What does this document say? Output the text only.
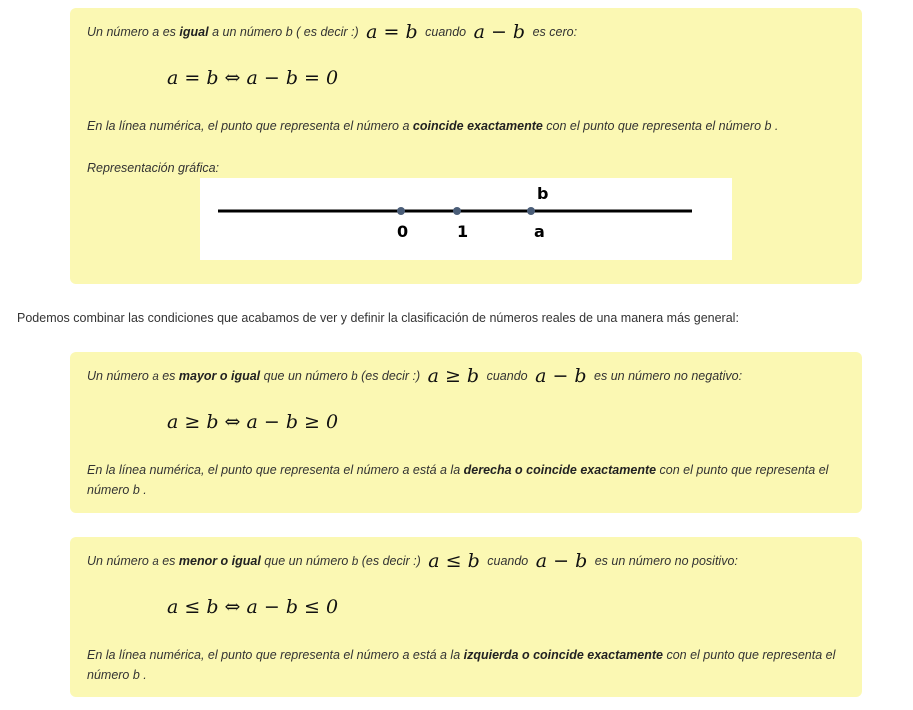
Un número a es igual a un número b ( es decir :) a = b cuando a − b es cero:
a = b ⇔ a − b = 0
En la línea numérica, el punto que representa el número a coincide exactamente con el punto que representa el número b .
Representación gráfica:
0	1	a
b
Podemos combinar las condiciones que acabamos de ver y definir la clasificación de números reales de una manera más general:
Un número a es mayor o igual que un número b (es decir :) a ≥ b cuando a − b es un número no negativo:
a ≥ b ⇔ a − b ≥ 0
En la línea numérica, el punto que representa el número a está a la derecha o coincide exactamente con el punto que representa el número b .
Un número a es menor o igual que un número b (es decir :) a ≤ b cuando a − b es un número no positivo:
a ≤ b ⇔ a − b ≤ 0
En la línea numérica, el punto que representa el número a está a la izquierda o coincide exactamente con el punto que representa el número b .
